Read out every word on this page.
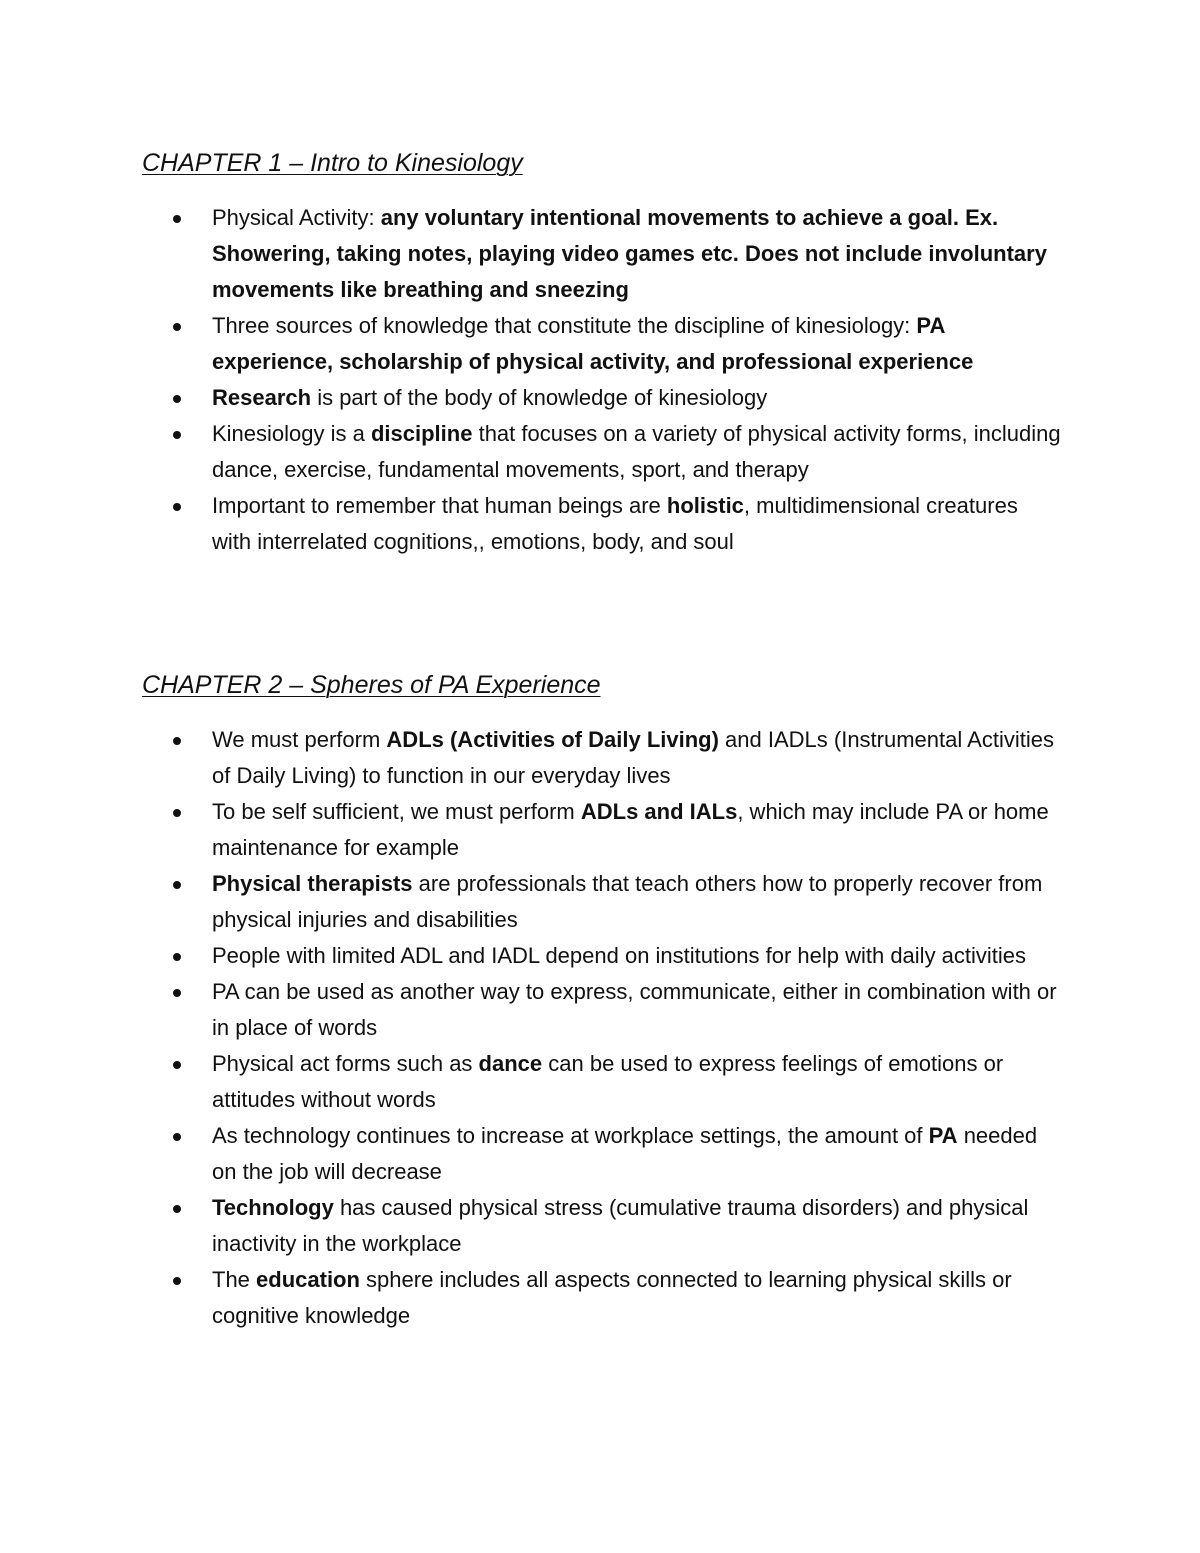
CHAPTER 1 – Intro to Kinesiology
Physical Activity: any voluntary intentional movements to achieve a goal. Ex. Showering, taking notes, playing video games etc. Does not include involuntary movements like breathing and sneezing
Three sources of knowledge that constitute the discipline of kinesiology: PA experience, scholarship of physical activity, and professional experience
Research is part of the body of knowledge of kinesiology
Kinesiology is a discipline that focuses on a variety of physical activity forms, including dance, exercise, fundamental movements, sport, and therapy
Important to remember that human beings are holistic, multidimensional creatures with interrelated cognitions,, emotions, body, and soul
CHAPTER 2 – Spheres of PA Experience
We must perform ADLs (Activities of Daily Living) and IADLs (Instrumental Activities of Daily Living) to function in our everyday lives
To be self sufficient, we must perform ADLs and IALs, which may include PA or home maintenance for example
Physical therapists are professionals that teach others how to properly recover from physical injuries and disabilities
People with limited ADL and IADL depend on institutions for help with daily activities
PA can be used as another way to express, communicate, either in combination with or in place of words
Physical act forms such as dance can be used to express feelings of emotions or attitudes without words
As technology continues to increase at workplace settings, the amount of PA needed on the job will decrease
Technology has caused physical stress (cumulative trauma disorders) and physical inactivity in the workplace
The education sphere includes all aspects connected to learning physical skills or cognitive knowledge
